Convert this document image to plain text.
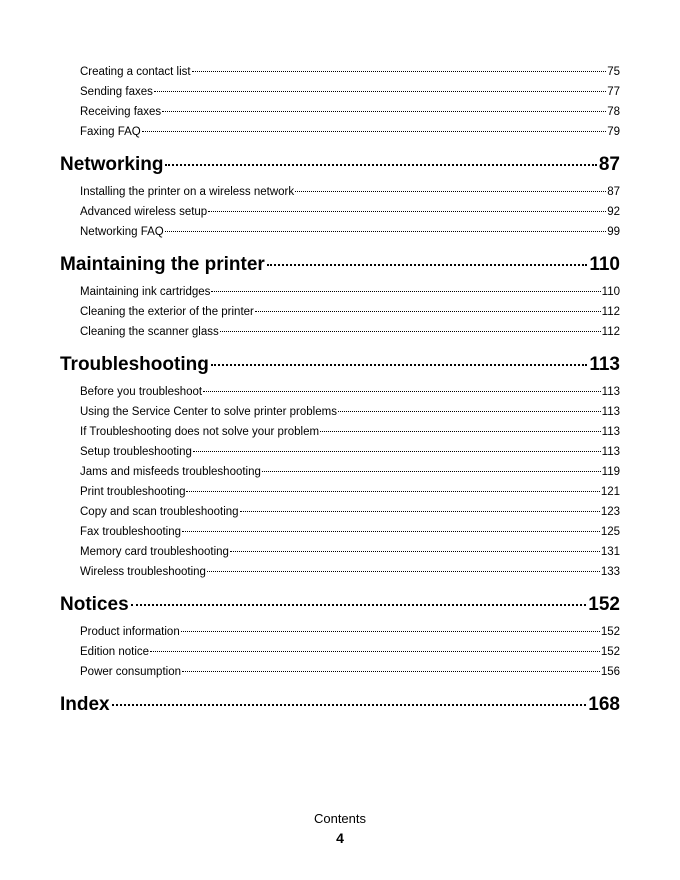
Creating a contact list	75
Sending faxes	77
Receiving faxes	78
Faxing FAQ	79
Networking	87
Installing the printer on a wireless network	87
Advanced wireless setup	92
Networking FAQ	99
Maintaining the printer	110
Maintaining ink cartridges	110
Cleaning the exterior of the printer	112
Cleaning the scanner glass	112
Troubleshooting	113
Before you troubleshoot	113
Using the Service Center to solve printer problems	113
If Troubleshooting does not solve your problem	113
Setup troubleshooting	113
Jams and misfeeds troubleshooting	119
Print troubleshooting	121
Copy and scan troubleshooting	123
Fax troubleshooting	125
Memory card troubleshooting	131
Wireless troubleshooting	133
Notices	152
Product information	152
Edition notice	152
Power consumption	156
Index	168
Contents
4
